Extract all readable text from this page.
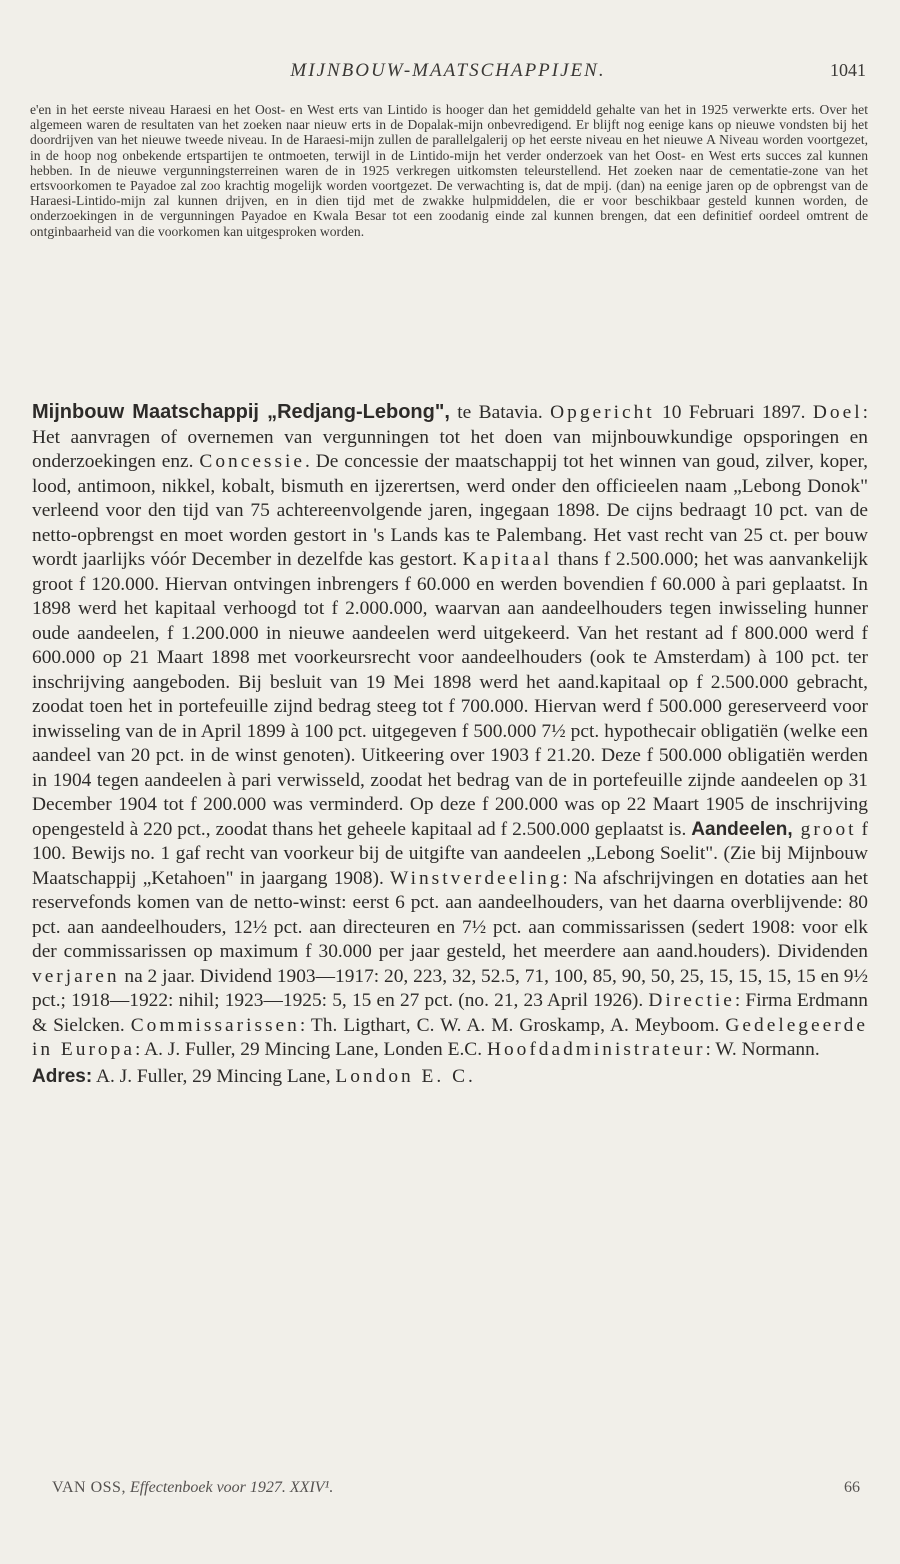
MIJNBOUW-MAATSCHAPPIJEN.	1041
e'en in het eerste niveau Haraesi en het Oost- en West erts van Lintido is hooger dan het gemiddeld gehalte van het in 1925 verwerkte erts. Over het algemeen waren de resultaten van het zoeken naar nieuw erts in de Dopalak-mijn onbevredigend. Er blijft nog eenige kans op nieuwe vondsten bij het doordrijven van het nieuwe tweede niveau. In de Haraesi-mijn zullen de parallelgalerij op het eerste niveau en het nieuwe A Niveau worden voortgezet, in de hoop nog onbekende ertspartijen te ontmoeten, terwijl in de Lintido-mijn het verder onderzoek van het Oost- en West erts succes zal kunnen hebben. In de nieuwe vergunningsterreinen waren de in 1925 verkregen uitkomsten teleurstellend. Het zoeken naar de cementatie-zone van het ertsvoorkomen te Payadoe zal zoo krachtig mogelijk worden voortgezet. De verwachting is, dat de mpij. (dan) na eenige jaren op de opbrengst van de Haraesi-Lintido-mijn zal kunnen drijven, en in dien tijd met de zwakke hulpmiddelen, die er voor beschikbaar gesteld kunnen worden, de onderzoekingen in de vergunningen Payadoe en Kwala Besar tot een zoodanig einde zal kunnen brengen, dat een definitief oordeel omtrent de ontginbaarheid van die voorkomen kan uitgesproken worden.
Mijnbouw Maatschappij „Redjang-Lebong", te Batavia. Opgericht 10 Februari 1897. Doel: Het aanvragen of overnemen van vergunningen tot het doen van mijnbouwkundige opsporingen en onderzoekingen enz. Concessie. De concessie der maatschappij tot het winnen van goud, zilver, koper, lood, antimoon, nikkel, kobalt, bismuth en ijzerertsen, werd onder den officieelen naam „Lebong Donok" verleend voor den tijd van 75 achtereenvolgende jaren, ingegaan 1898. De cijns bedraagt 10 pct. van de netto-opbrengst en moet worden gestort in 's Lands kas te Palembang. Het vast recht van 25 ct. per bouw wordt jaarlijks vóór December in dezelfde kas gestort. Kapitaal thans f 2.500.000; het was aanvankelijk groot f 120.000. Hiervan ontvingen inbrengers f 60.000 en werden bovendien f 60.000 à pari geplaatst. In 1898 werd het kapitaal verhoogd tot f 2.000.000, waarvan aan aandeelhouders tegen inwisseling hunner oude aandeelen, f 1.200.000 in nieuwe aandeelen werd uitgekeerd. Van het restant ad f 800.000 werd f 600.000 op 21 Maart 1898 met voorkeursrecht voor aandeelhouders (ook te Amsterdam) à 100 pct. ter inschrijving aangeboden. Bij besluit van 19 Mei 1898 werd het aand.kapitaal op f 2.500.000 gebracht, zoodat toen het in portefeuille zijnd bedrag steeg tot f 700.000. Hiervan werd f 500.000 gereserveerd voor inwisseling van de in April 1899 à 100 pct. uitgegeven f 500.000 7½ pct. hypothecair obligatiën (welke een aandeel van 20 pct. in de winst genoten). Uitkeering over 1903 f 21.20. Deze f 500.000 obligatiën werden in 1904 tegen aandeelen à pari verwisseld, zoodat het bedrag van de in portefeuille zijnde aandeelen op 31 December 1904 tot f 200.000 was verminderd. Op deze f 200.000 was op 22 Maart 1905 de inschrijving opengesteld à 220 pct., zoodat thans het geheele kapitaal ad f 2.500.000 geplaatst is. Aandeelen, groot f 100. Bewijs no. 1 gaf recht van voorkeur bij de uitgifte van aandeelen „Lebong Soelit". (Zie bij Mijnbouw Maatschappij „Ketahoen" in jaargang 1908). Winstverdeeling: Na afschrijvingen en dotaties aan het reservefonds komen van de netto-winst: eerst 6 pct. aan aandeelhouders, van het daarna overblijvende: 80 pct. aan aandeelhouders, 12½ pct. aan directeuren en 7½ pct. aan commissarissen (sedert 1908: voor elk der commissarissen op maximum f 30.000 per jaar gesteld, het meerdere aan aand.houders). Dividenden verjaren na 2 jaar. Dividend 1903—1917: 20, 223, 32, 52.5, 71, 100, 85, 90, 50, 25, 15, 15, 15, 15 en 9½ pct.; 1918—1922: nihil; 1923—1925: 5, 15 en 27 pct. (no. 21, 23 April 1926). Directie: Firma Erdmann & Sielcken. Commissarissen: Th. Ligthart, C. W. A. M. Groskamp, A. Meyboom. Gedelegeerde in Europa: A. J. Fuller, 29 Mincing Lane, Londen E.C. Hoofdadministrateur: W. Normann.
Adres: A. J. Fuller, 29 Mincing Lane, London E. C.
VAN OSS, Effectenboek voor 1927. XXIV¹.	66
